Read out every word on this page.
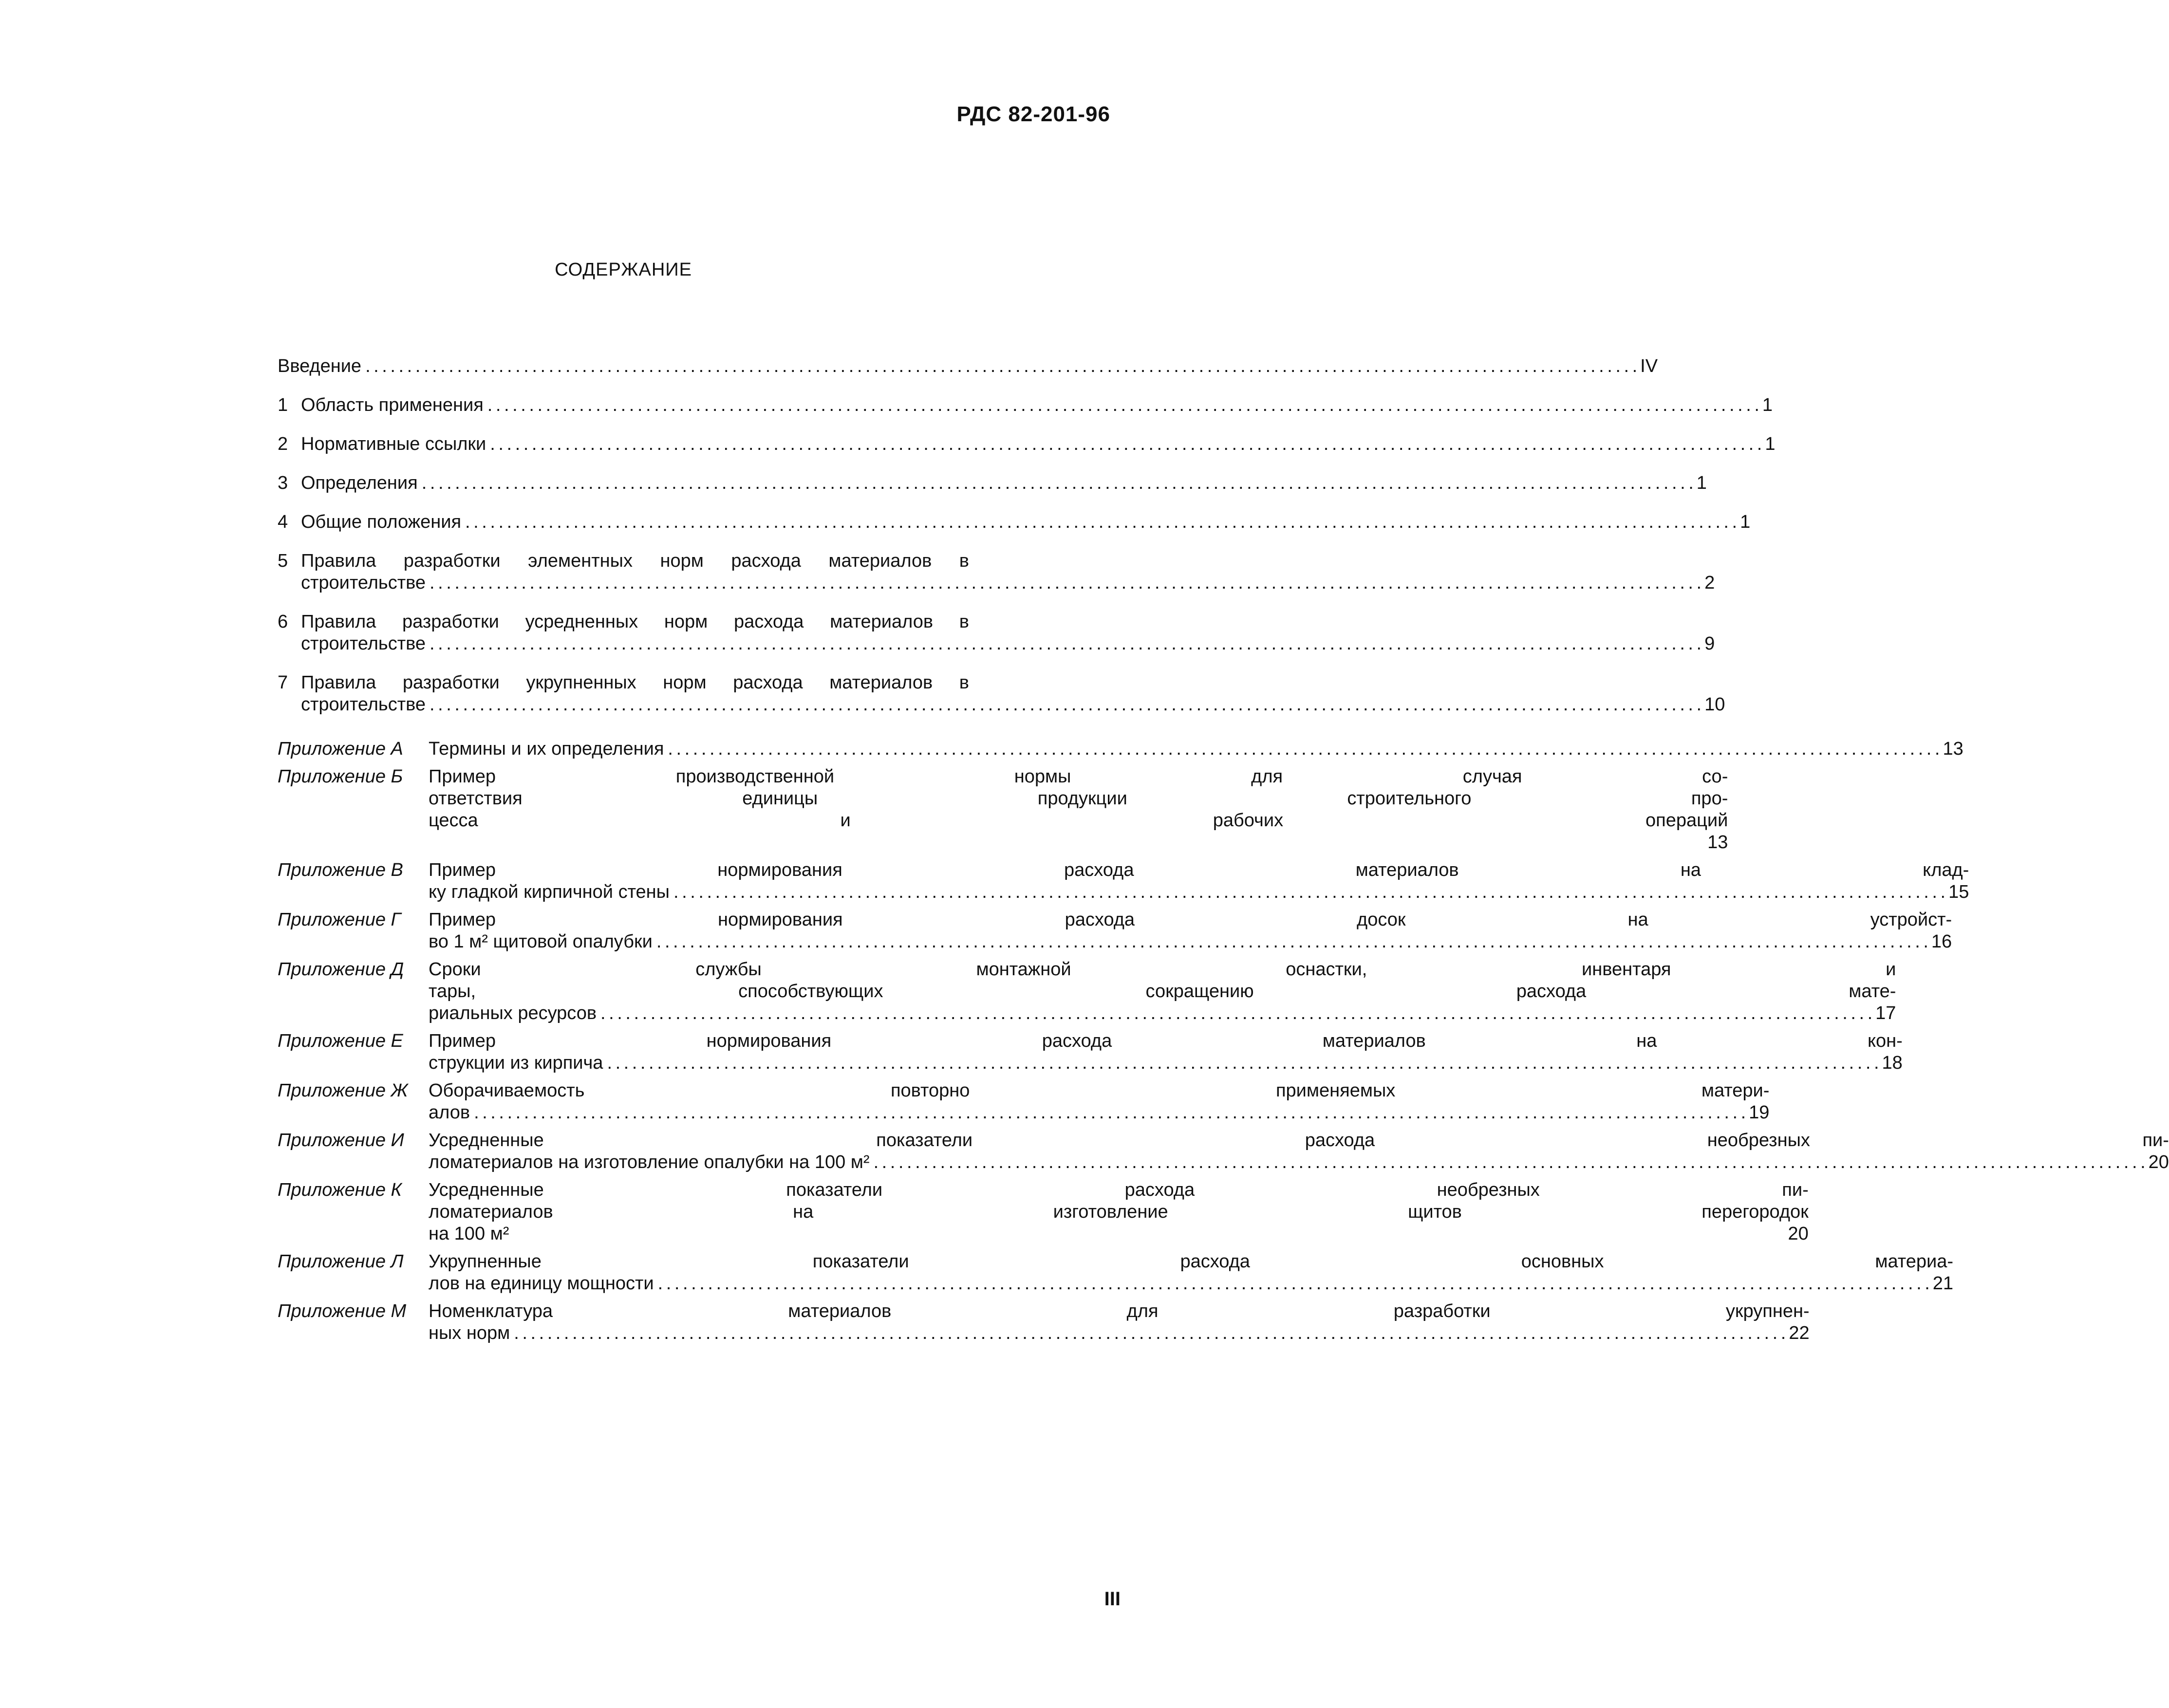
РДС 82-201-96
СОДЕРЖАНИЕ
Введение . . .	IV
1 Область применения . . .	1
2 Нормативные ссылки . . .	1
3 Определения . . .	1
4 Общие положения . . .	1
5 Правила разработки элементных норм расхода материалов в
строительстве . . .	2
6 Правила разработки усредненных норм расхода материалов в
строительстве . . .	9
7 Правила разработки укрупненных норм расхода материалов в
строительстве . . .	10
Приложение А	Термины и их определения . . .	13
Приложение Б	Пример производственной нормы для случая со-
ответствия единицы продукции строительного про-
цесса и рабочих операций
13
Приложение В	Пример нормирования расхода материалов на клад-
ку гладкой кирпичной стены . . .	15
Приложение Г	Пример нормирования расхода досок на устройст-
во 1 м² щитовой опалубки . . .	16
Приложение Д	Сроки службы монтажной оснастки, инвентаря и
тары, способствующих сокращению расхода мате-
риальных ресурсов . . .	17
Приложение Е	Пример нормирования расхода материалов на кон-
струкции из кирпича . . .	18
Приложение Ж	Оборачиваемость повторно применяемых матери-
алов . . .	19
Приложение И	Усредненные показатели расхода необрезных пи-
ломатериалов на изготовление опалубки на 100 м² . . .	20
Приложение К	Усредненные показатели расхода необрезных пи-
ломатериалов на изготовление щитов перегородок
на 100 м²	20
Приложение Л	Укрупненные показатели расхода основных материа-
лов на единицу мощности . . .	21
Приложение М	Номенклатура материалов для разработки укрупнен-
ных норм . . .	22
III
